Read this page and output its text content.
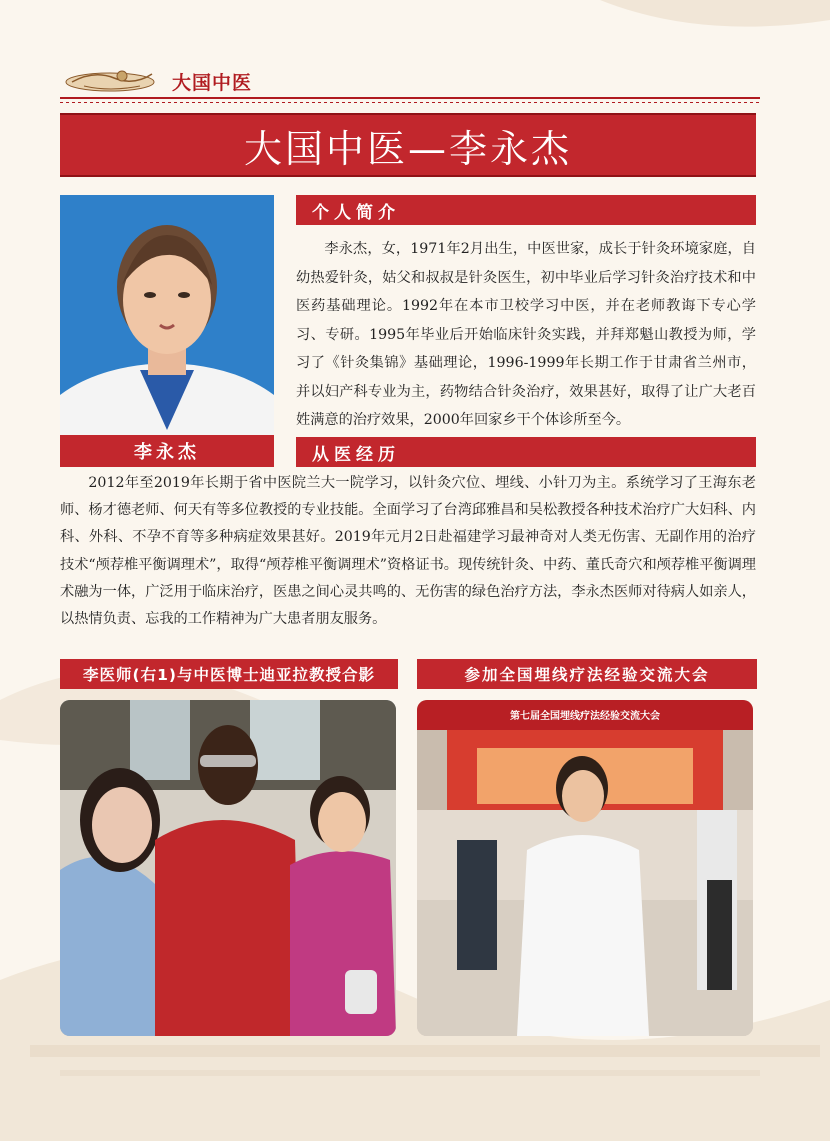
大国中医
大国中医—李永杰
李永杰
个人简介

李永杰，女，1971年2月出生，中医世家，成长于针灸环境家庭，自幼热爱针灸，姑父和叔叔是针灸医生，初中毕业后学习针灸治疗技术和中医药基础理论。1992年在本市卫校学习中医，并在老师教诲下专心学习、专研。1995年毕业后开始临床针灸实践，并拜郑魁山教授为师，学习了《针灸集锦》基础理论，1996-1999年长期工作于甘肃省兰州市，并以妇产科专业为主，药物结合针灸治疗，效果甚好，取得了让广大老百姓满意的治疗效果，2000年回家乡干个体诊所至今。

从医经历

2012年至2019年长期于省中医院兰大一院学习，以针灸穴位、埋线、小针刀为主。系统学习了王海东老师、杨才德老师、何天有等多位教授的专业技能。全面学习了台湾邱雅昌和吴松教授各种技术治疗广大妇科、内科、外科、不孕不育等多种病症效果甚好。2019年元月2日赴福建学习最神奇对人类无伤害、无副作用的治疗技术“颅荐椎平衡调理术”，取得“颅荐椎平衡调理术”资格证书。现传统针灸、中药、董氏奇穴和颅荐椎平衡调理术融为一体，广泛用于临床治疗，医患之间心灵共鸣的、无伤害的绿色治疗方法，李永杰医师对待病人如亲人，以热情负责、忘我的工作精神为广大患者朋友服务。

李医师(右1)与中医博士迪亚拉教授合影	参加全国埋线疗法经验交流大会
第七届全国埋线疗法经验交流大会
